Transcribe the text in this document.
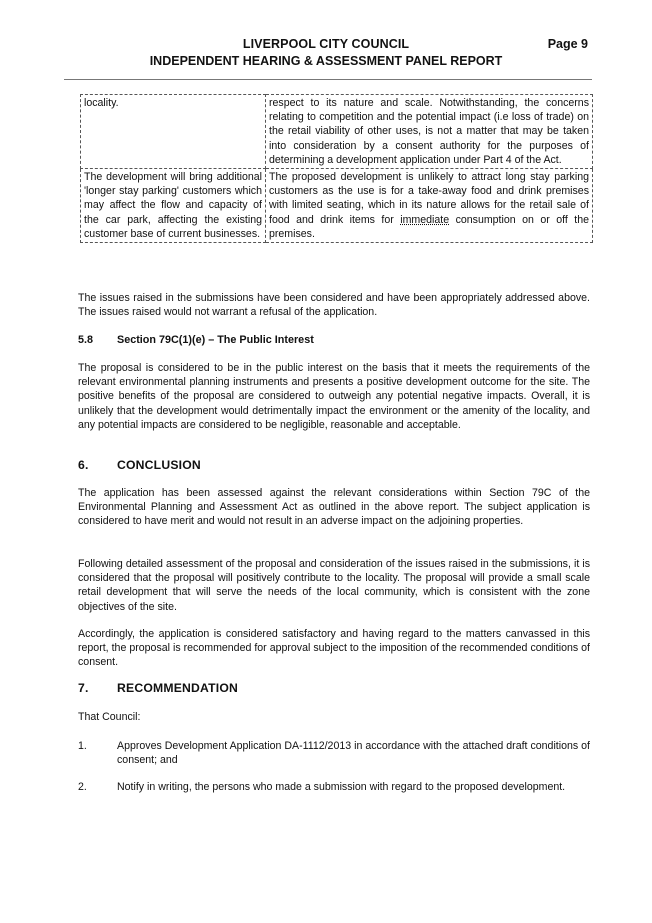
LIVERPOOL CITY COUNCIL	Page 9
INDEPENDENT HEARING & ASSESSMENT PANEL REPORT
locality.	respect to its nature and scale. Notwithstanding, the concerns relating to competition and the potential impact (i.e loss of trade) on the retail viability of other uses, is not a matter that may be taken into consideration by a consent authority for the purposes of determining a development application under Part 4 of the Act.
The development will bring additional 'longer stay parking' customers which may affect the flow and capacity of the car park, affecting the existing customer base of current businesses.	The proposed development is unlikely to attract long stay parking customers as the use is for a take-away food and drink premises with limited seating, which in its nature allows for the retail sale of food and drink items for immediate consumption on or off the premises.

The issues raised in the submissions have been considered and have been appropriately addressed above. The issues raised would not warrant a refusal of the application.

5.8 Section 79C(1)(e) – The Public Interest

The proposal is considered to be in the public interest on the basis that it meets the requirements of the relevant environmental planning instruments and presents a positive development outcome for the site. The positive benefits of the proposal are considered to outweigh any potential negative impacts. Overall, it is unlikely that the development would detrimentally impact the environment or the amenity of the locality, and any potential impacts are considered to be negligible, reasonable and acceptable.

6. CONCLUSION

The application has been assessed against the relevant considerations within Section 79C of the Environmental Planning and Assessment Act as outlined in the above report. The subject application is considered to have merit and would not result in an adverse impact on the adjoining properties.

Following detailed assessment of the proposal and consideration of the issues raised in the submissions, it is considered that the proposal will positively contribute to the locality. The proposal will provide a small scale retail development that will serve the needs of the local community, which is consistent with the zone objectives of the site.

Accordingly, the application is considered satisfactory and having regard to the matters canvassed in this report, the proposal is recommended for approval subject to the imposition of the recommended conditions of consent.

7. RECOMMENDATION

That Council:

1.	Approves Development Application DA-1112/2013 in accordance with the attached draft conditions of consent; and
2.	Notify in writing, the persons who made a submission with regard to the proposed development.
